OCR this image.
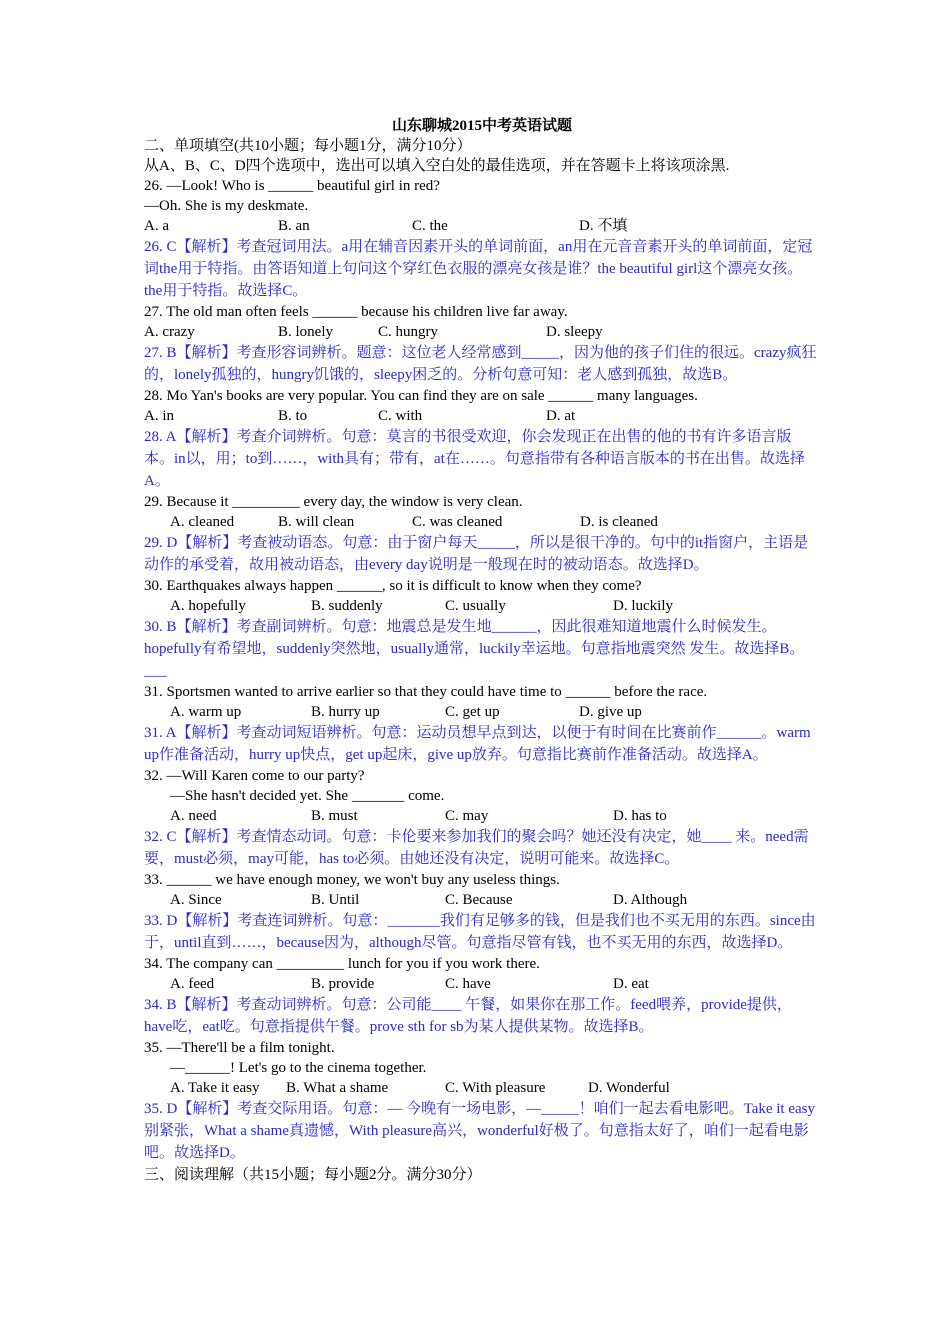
山东聊城2015中考英语试题
二、单项填空(共10小题；每小题1分，满分10分）
从A、B、C、D四个选项中，选出可以填入空白处的最佳选项，并在答题卡上将该项涂黑.
26. —Look! Who is ______ beautiful girl in red?
—Oh. She is my deskmate.
A. a	B. an	C. the	D. 不填
26. C【解析】考查冠词用法。a用在辅音因素开头的单词前面，an用在元音音素开头的单词前面，定冠词the用于特指。由答语知道上句问这个穿红色衣服的漂亮女孩是谁？the beautiful girl这个漂亮女孩。the用于特指。故选择C。
27. The old man often feels ______ because his children live far away.
A. crazy	B. lonely	C. hungry	D. sleepy
27. B【解析】考查形容词辨析。题意：这位老人经常感到_____，因为他的孩子们住的很远。crazy疯狂的，lonely孤独的，hungry饥饿的，sleepy困乏的。分析句意可知：老人感到孤独，故选B。
28. Mo Yan's books are very popular. You can find they are on sale ______ many languages.
A. in	B. to	C. with	D. at
28. A【解析】考查介词辨析。句意：莫言的书很受欢迎，你会发现正在出售的他的书有许多语言版本。in以，用；to到……，with具有；带有，at在……。句意指带有各种语言版本的书在出售。故选择A。
29. Because it _________ every day, the window is very clean.
A. cleaned	B. will clean	C. was cleaned	D. is cleaned
29. D【解析】考查被动语态。句意：由于窗户每天_____，所以是很干净的。句中的it指窗户，主语是动作的承受着，故用被动语态，由every day说明是一般现在时的被动语态。故选择D。
30. Earthquakes always happen ______, so it is difficult to know when they come?
A. hopefully	B. suddenly	C. usually	D. luckily
30. B【解析】考查副词辨析。句意：地震总是发生地______，因此很难知道地震什么时候发生。hopefully有希望地，suddenly突然地，usually通常，luckily幸运地。句意指地震突然 发生。故选择B。 ___
31. Sportsmen wanted to arrive earlier so that they could have time to ______ before the race.
A. warm up	B. hurry up	C. get up	D. give up
31. A【解析】考查动词短语辨析。句意：运动员想早点到达，以便于有时间在比赛前作______。warm up作准备活动，hurry up快点，get up起床，give up放弃。句意指比赛前作准备活动。故选择A。
32. —Will Karen come to our party?
—She hasn't decided yet. She _______ come.
A. need	B. must	C. may	D. has to
32. C【解析】考查情态动词。句意：卡伦要来参加我们的聚会吗？她还没有决定，她____ 来。need需要，must必须，may可能，has to必须。由她还没有决定，说明可能来。故选择C。
33. ______ we have enough money, we won't buy any useless things.
A. Since	B. Until	C. Because	D. Although
33. D【解析】考查连词辨析。句意：_______我们有足够多的钱，但是我们也不买无用的东西。since由于，until直到……，because因为，although尽管。句意指尽管有钱，也不买无用的东西，故选择D。
34. The company can _________ lunch for you if you work there.
A. feed	B. provide	C. have	D. eat
34. B【解析】考查动词辨析。句意：公司能____ 午餐，如果你在那工作。feed喂养，provide提供，have吃，eat吃。句意指提供午餐。prove sth for sb为某人提供某物。故选择B。
35. —There'll be a film tonight.
—______! Let's go to the cinema together.
A. Take it easy	B. What a shame	C. With pleasure	D. Wonderful
35. D【解析】考查交际用语。句意：— 今晚有一场电影，—_____！咱们一起去看电影吧。Take it easy别紧张，What a shame真遗憾，With pleasure高兴，wonderful好极了。句意指太好了，咱们一起看电影吧。故选择D。
三、阅读理解（共15小题；每小题2分。满分30分）
